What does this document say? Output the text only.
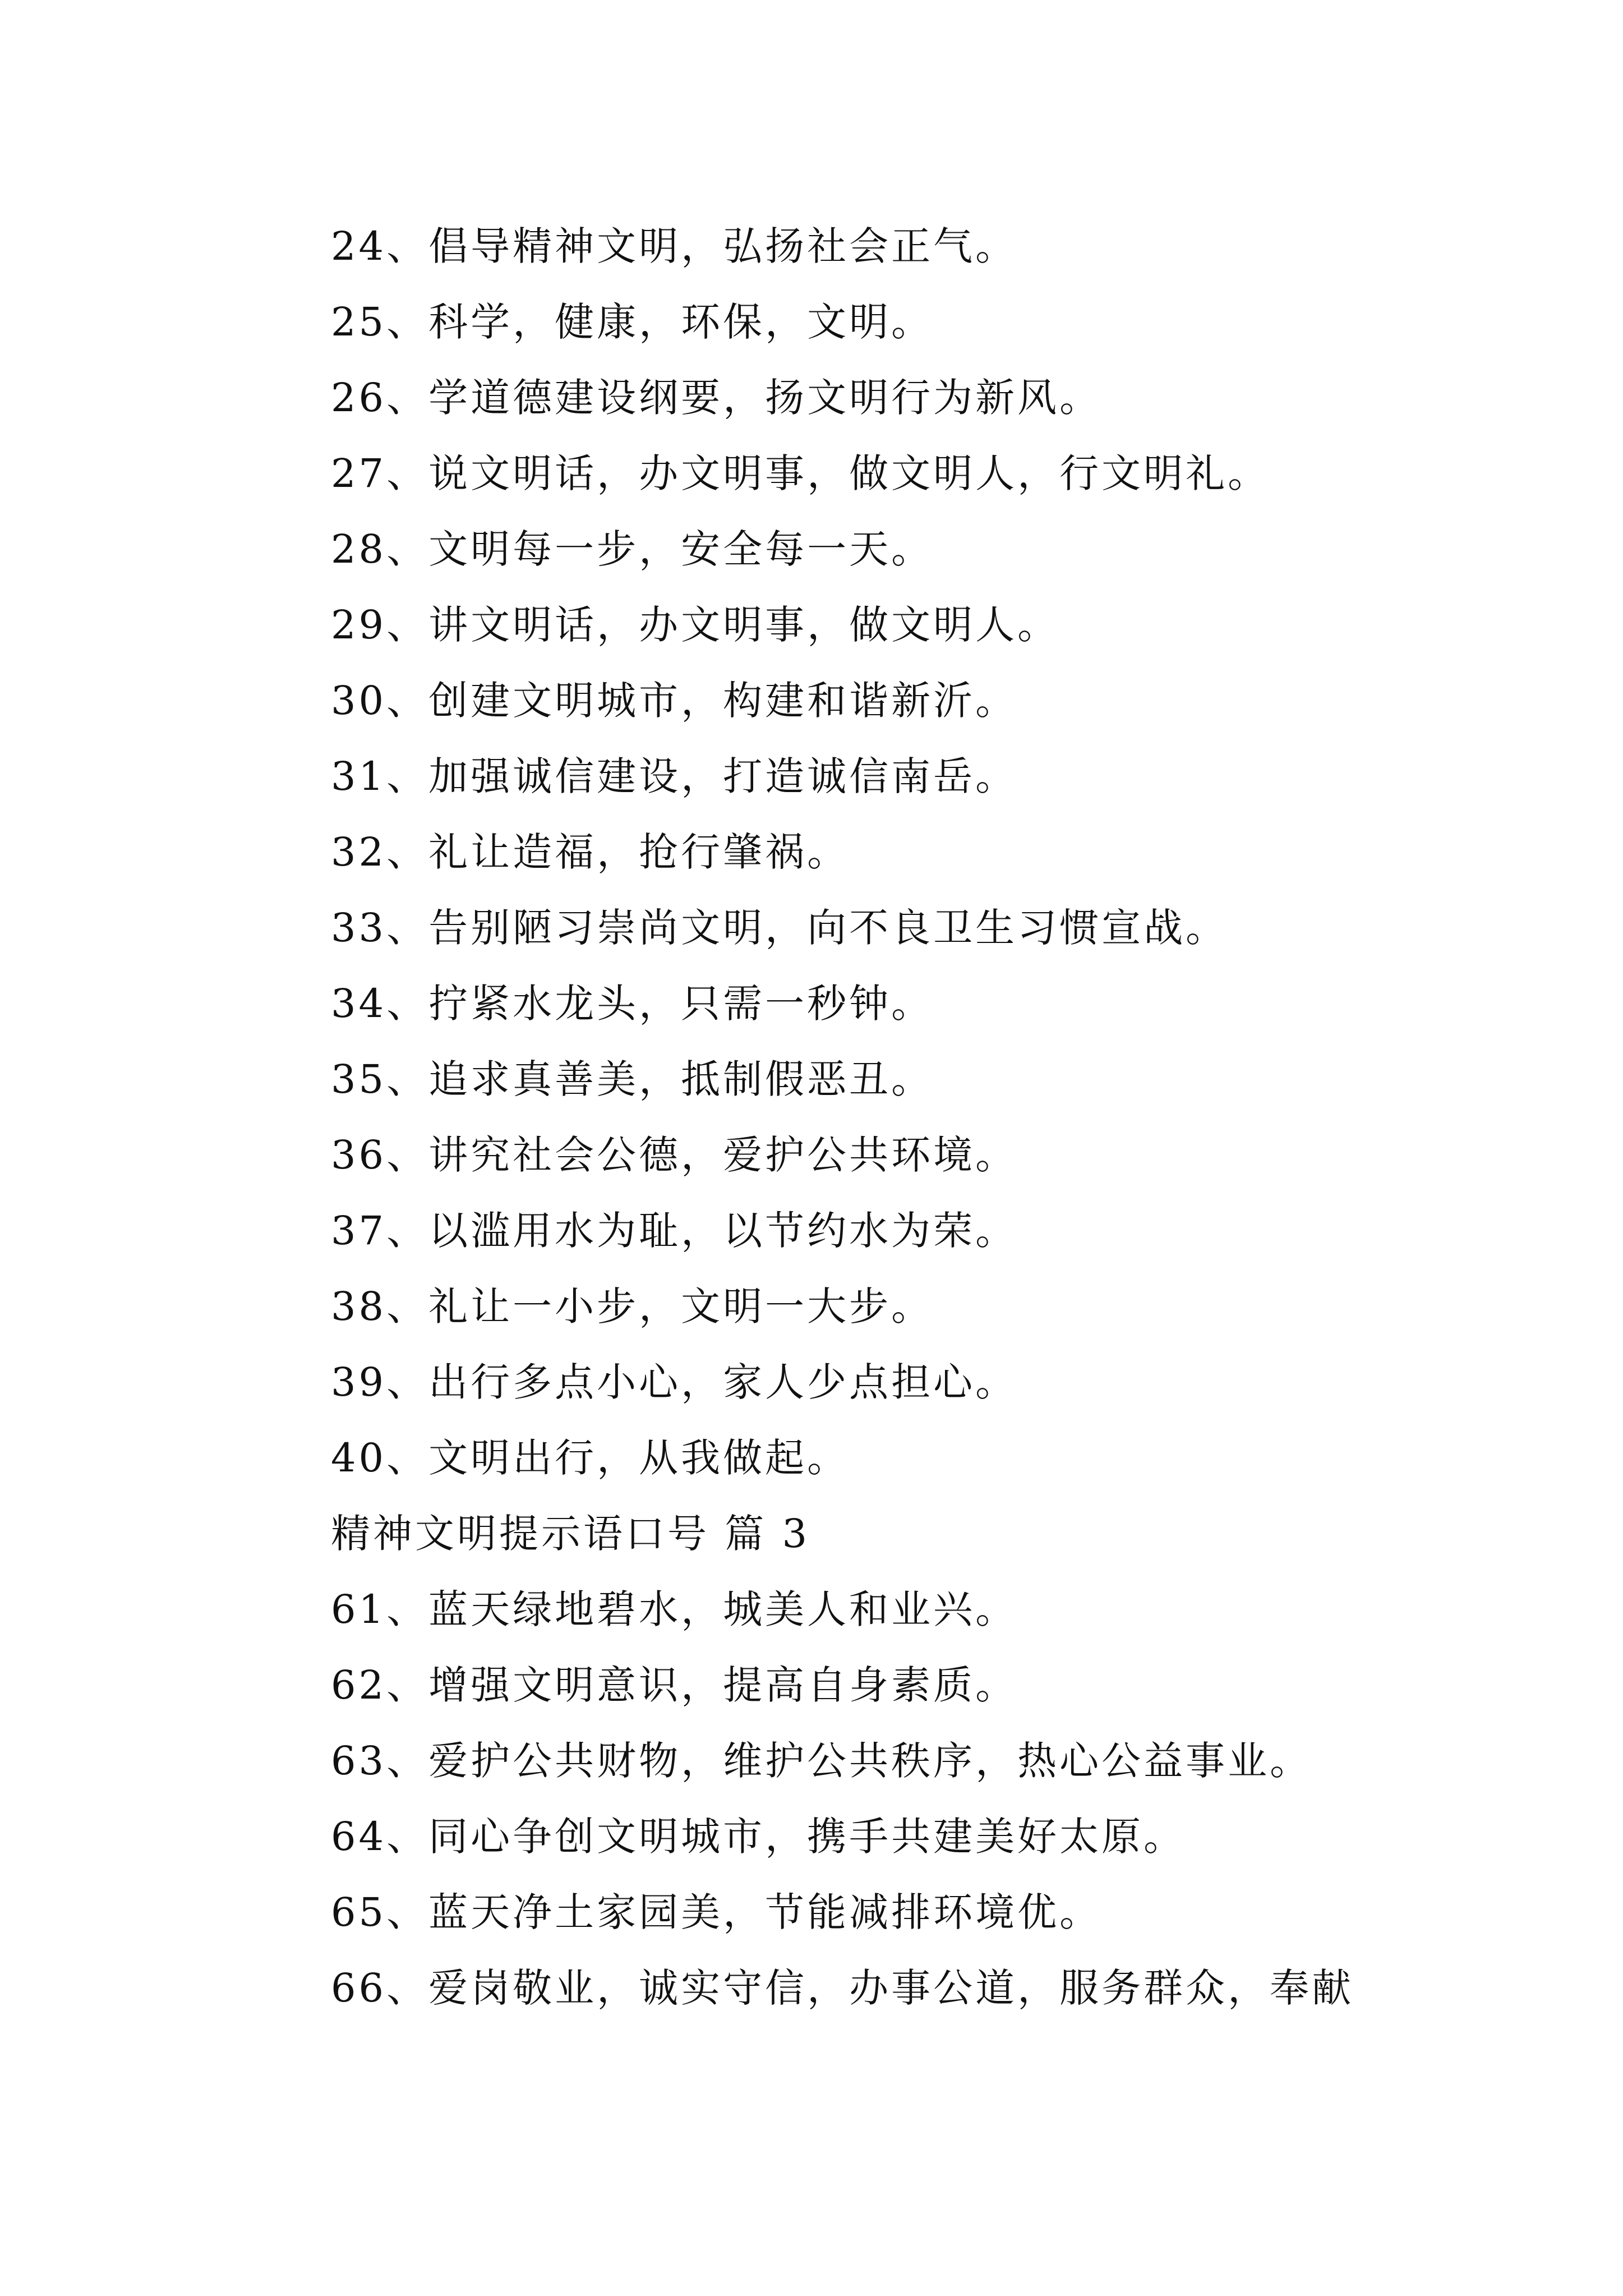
24、倡导精神文明，弘扬社会正气。
25、科学，健康，环保，文明。
26、学道德建设纲要，扬文明行为新风。
27、说文明话，办文明事，做文明人，行文明礼。
28、文明每一步，安全每一天。
29、讲文明话，办文明事，做文明人。
30、创建文明城市，构建和谐新沂。
31、加强诚信建设，打造诚信南岳。
32、礼让造福，抢行肇祸。
33、告别陋习崇尚文明，向不良卫生习惯宣战。
34、拧紧水龙头，只需一秒钟。
35、追求真善美，抵制假恶丑。
36、讲究社会公德，爱护公共环境。
37、以滥用水为耻，以节约水为荣。
38、礼让一小步，文明一大步。
39、出行多点小心，家人少点担心。
40、文明出行，从我做起。
精神文明提示语口号 篇 3
61、蓝天绿地碧水，城美人和业兴。
62、增强文明意识，提高自身素质。
63、爱护公共财物，维护公共秩序，热心公益事业。
64、同心争创文明城市，携手共建美好太原。
65、蓝天净土家园美，节能减排环境优。
66、爱岗敬业，诚实守信，办事公道，服务群众，奉献
